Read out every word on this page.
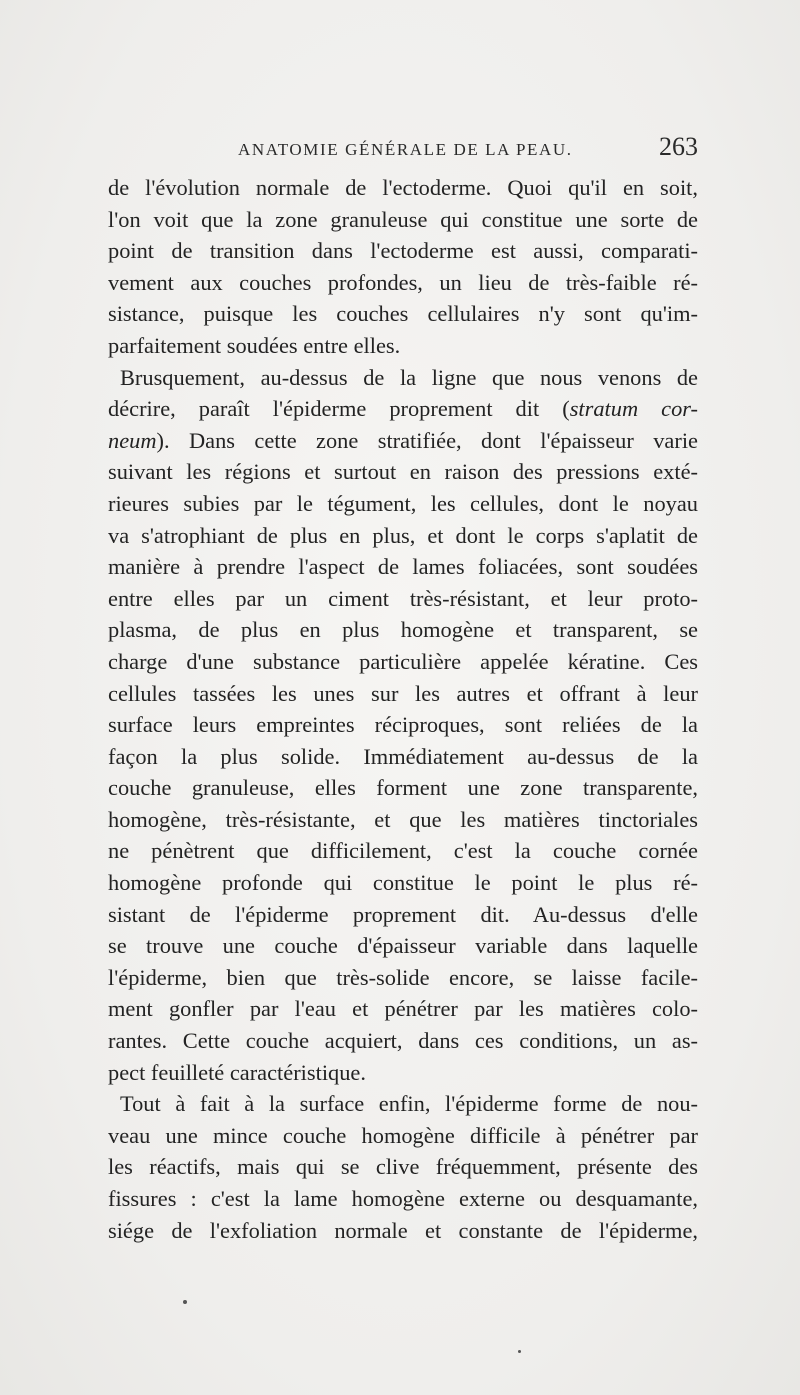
ANATOMIE GÉNÉRALE DE LA PEAU.	263

de l'évolution normale de l'ectoderme. Quoi qu'il en soit,
l'on voit que la zone granuleuse qui constitue une sorte de
point de transition dans l'ectoderme est aussi, comparati-
vement aux couches profondes, un lieu de très-faible ré-
sistance, puisque les couches cellulaires n'y sont qu'im-
parfaitement soudées entre elles.

Brusquement, au-dessus de la ligne que nous venons de
décrire, paraît l'épiderme proprement dit (stratum cor-
neum). Dans cette zone stratifiée, dont l'épaisseur varie
suivant les régions et surtout en raison des pressions exté-
rieures subies par le tégument, les cellules, dont le noyau
va s'atrophiant de plus en plus, et dont le corps s'aplatit de
manière à prendre l'aspect de lames foliacées, sont soudées
entre elles par un ciment très-résistant, et leur proto-
plasma, de plus en plus homogène et transparent, se
charge d'une substance particulière appelée kératine. Ces
cellules tassées les unes sur les autres et offrant à leur
surface leurs empreintes réciproques, sont reliées de la
façon la plus solide. Immédiatement au-dessus de la
couche granuleuse, elles forment une zone transparente,
homogène, très-résistante, et que les matières tinctoriales
ne pénètrent que difficilement, c'est la couche cornée
homogène profonde qui constitue le point le plus ré-
sistant de l'épiderme proprement dit. Au-dessus d'elle
se trouve une couche d'épaisseur variable dans laquelle
l'épiderme, bien que très-solide encore, se laisse facile-
ment gonfler par l'eau et pénétrer par les matières colo-
rantes. Cette couche acquiert, dans ces conditions, un as-
pect feuilleté caractéristique.

Tout à fait à la surface enfin, l'épiderme forme de nou-
veau une mince couche homogène difficile à pénétrer par
les réactifs, mais qui se clive fréquemment, présente des
fissures : c'est la lame homogène externe ou desquamante,
siége de l'exfoliation normale et constante de l'épiderme,
